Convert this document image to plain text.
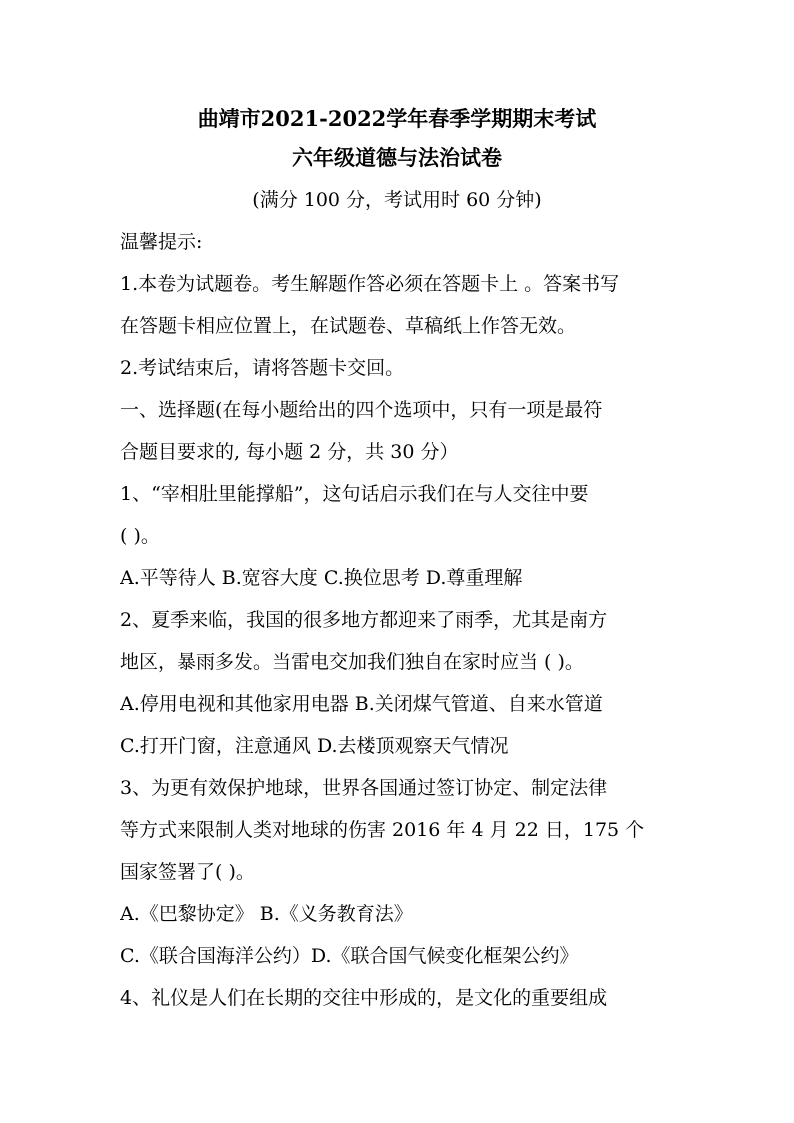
曲靖市2021-2022学年春季学期期末考试
六年级道德与法治试卷
(满分 100 分，考试用时 60 分钟)
温馨提示:
1.本卷为试题卷。考生解题作答必须在答题卡上 。答案书写
在答题卡相应位置上，在试题卷、草稿纸上作答无效。
2.考试结束后，请将答题卡交回。
一、选择题(在每小题给出的四个选项中，只有一项是最符
合题目要求的, 每小题 2 分，共 30 分）
1、“宰相肚里能撑船”，这句话启示我们在与人交往中要
( )。
A.平等待人 B.宽容大度 C.换位思考 D.尊重理解
2、夏季来临，我国的很多地方都迎来了雨季，尤其是南方
地区，暴雨多发。当雷电交加我们独自在家时应当 ( )。
A.停用电视和其他家用电器 B.关闭煤气管道、自来水管道
C.打开门窗，注意通风 D.去楼顶观察天气情况
3、为更有效保护地球，世界各国通过签订协定、制定法律
等方式来限制人类对地球的伤害 2016 年 4 月 22 日，175 个
国家签署了( )。
A.《巴黎协定》 B.《义务教育法》
C.《联合国海洋公约）D.《联合国气候变化框架公约》
4、礼仪是人们在长期的交往中形成的，是文化的重要组成
